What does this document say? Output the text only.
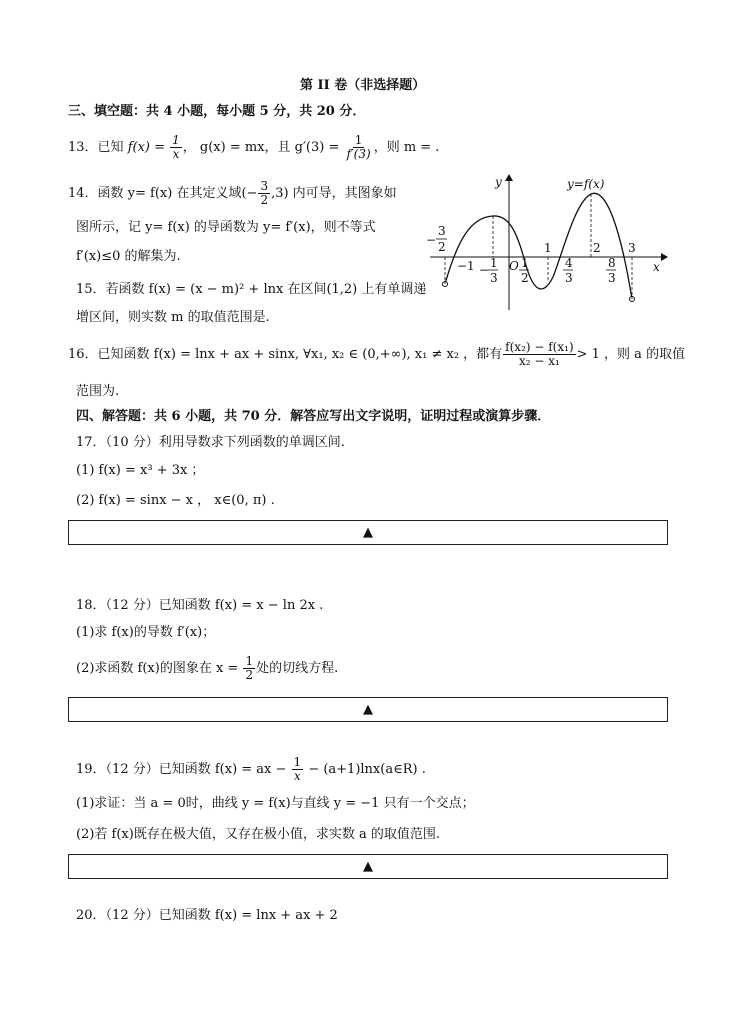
第 II 卷（非选择题）
三、填空题：共 4 小题，每小题 5 分，共 20 分．
13．已知 $f(x) = \frac{1}{x}$ ， g(x) = mx，且 $g'(3) = \frac{1}{f'(3)}$ ，则 m = .
14．函数 y= f(x) 在其定义域(− $\frac{3}{2} ,3$) 内可导，其图象如
图所示，记 y= f(x) 的导函数为 y= f′(x)，则不等式
f′(x)≤0 的解集为.
y=f(x)
y
x
O
−
3
2
−1 − 1
3
1
2
1
4
3
2
8
3
3
15．若函数 f(x) = (x − m)² + lnx 在区间(1,2) 上有单调递
增区间，则实数 m 的取值范围是.
16．已知函数 f(x) = lnx + ax + sinx, ∀x₁, x₂ ∈ (0,+∞), x₁ ≠ x₂ ，都有 $\frac{\text{f(x₂) − f(x₁)}}{\text{x₂ − x₁}} > 1$ ，则 a 的取值
范围为.
四、解答题：共 6 小题，共 70 分．解答应写出文字说明，证明过程或演算步骤．
17．（10 分）利用导数求下列函数的单调区间.
(1) f(x) = x³ + 3x ；
(2) f(x) = sinx − x ， x∈(0, π) .
▲
18．（12 分）已知函数 f(x) = x − ln 2x .
(1)求 f(x)的导数 f′(x)；
(2)求函数 f(x)的图象在 $x = \frac{1}{2}$ 处的切线方程.
▲
19．（12 分）已知函数 f(x) = ax − $\frac{1}{x}$ − (a+1)lnx(a∈R) .
(1)求证：当 a = 0时，曲线 y = f(x)与直线 y = −1 只有一个交点；
(2)若 f(x)既存在极大值，又存在极小值，求实数 a 的取值范围.
▲
20．（12 分）已知函数 f(x) = lnx + ax + 2
